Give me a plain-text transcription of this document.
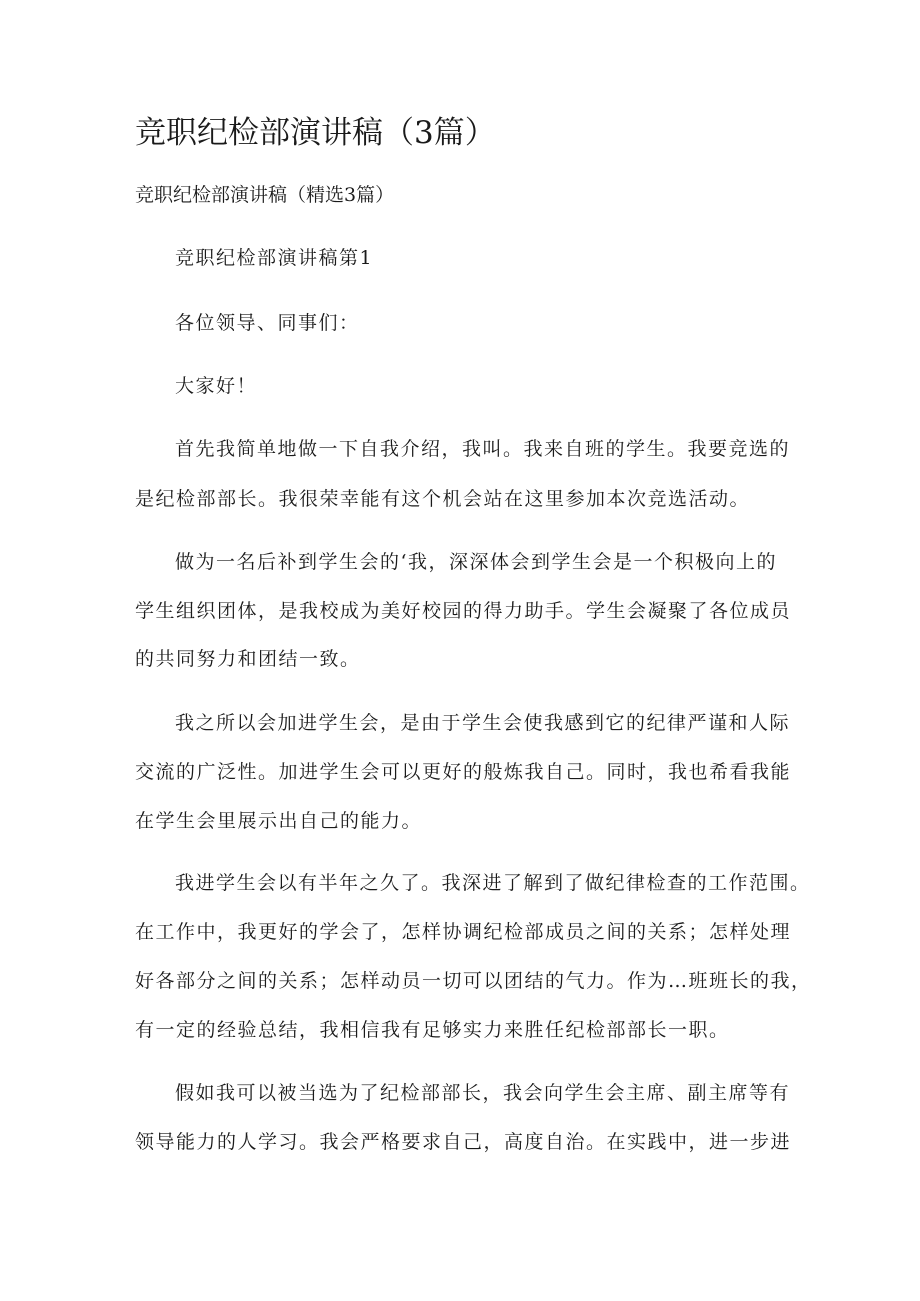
竞职纪检部演讲稿（3篇）
竞职纪检部演讲稿（精选3篇）
竞职纪检部演讲稿第1
各位领导、同事们：
大家好！
首先我简单地做一下自我介绍，我叫。我来自班的学生。我要竞选的
是纪检部部长。我很荣幸能有这个机会站在这里参加本次竞选活动。
做为一名后补到学生会的‘我，深深体会到学生会是一个积极向上的
学生组织团体，是我校成为美好校园的得力助手。学生会凝聚了各位成员
的共同努力和团结一致。
我之所以会加进学生会，是由于学生会使我感到它的纪律严谨和人际
交流的广泛性。加进学生会可以更好的般炼我自己。同时，我也希看我能
在学生会里展示出自己的能力。
我进学生会以有半年之久了。我深进了解到了做纪律检查的工作范围。
在工作中，我更好的学会了，怎样协调纪检部成员之间的关系；怎样处理
好各部分之间的关系；怎样动员一切可以团结的气力。作为…班班长的我，
有一定的经验总结，我相信我有足够实力来胜任纪检部部长一职。
假如我可以被当选为了纪检部部长，我会向学生会主席、副主席等有
领导能力的人学习。我会严格要求自己，高度自治。在实践中，进一步进
